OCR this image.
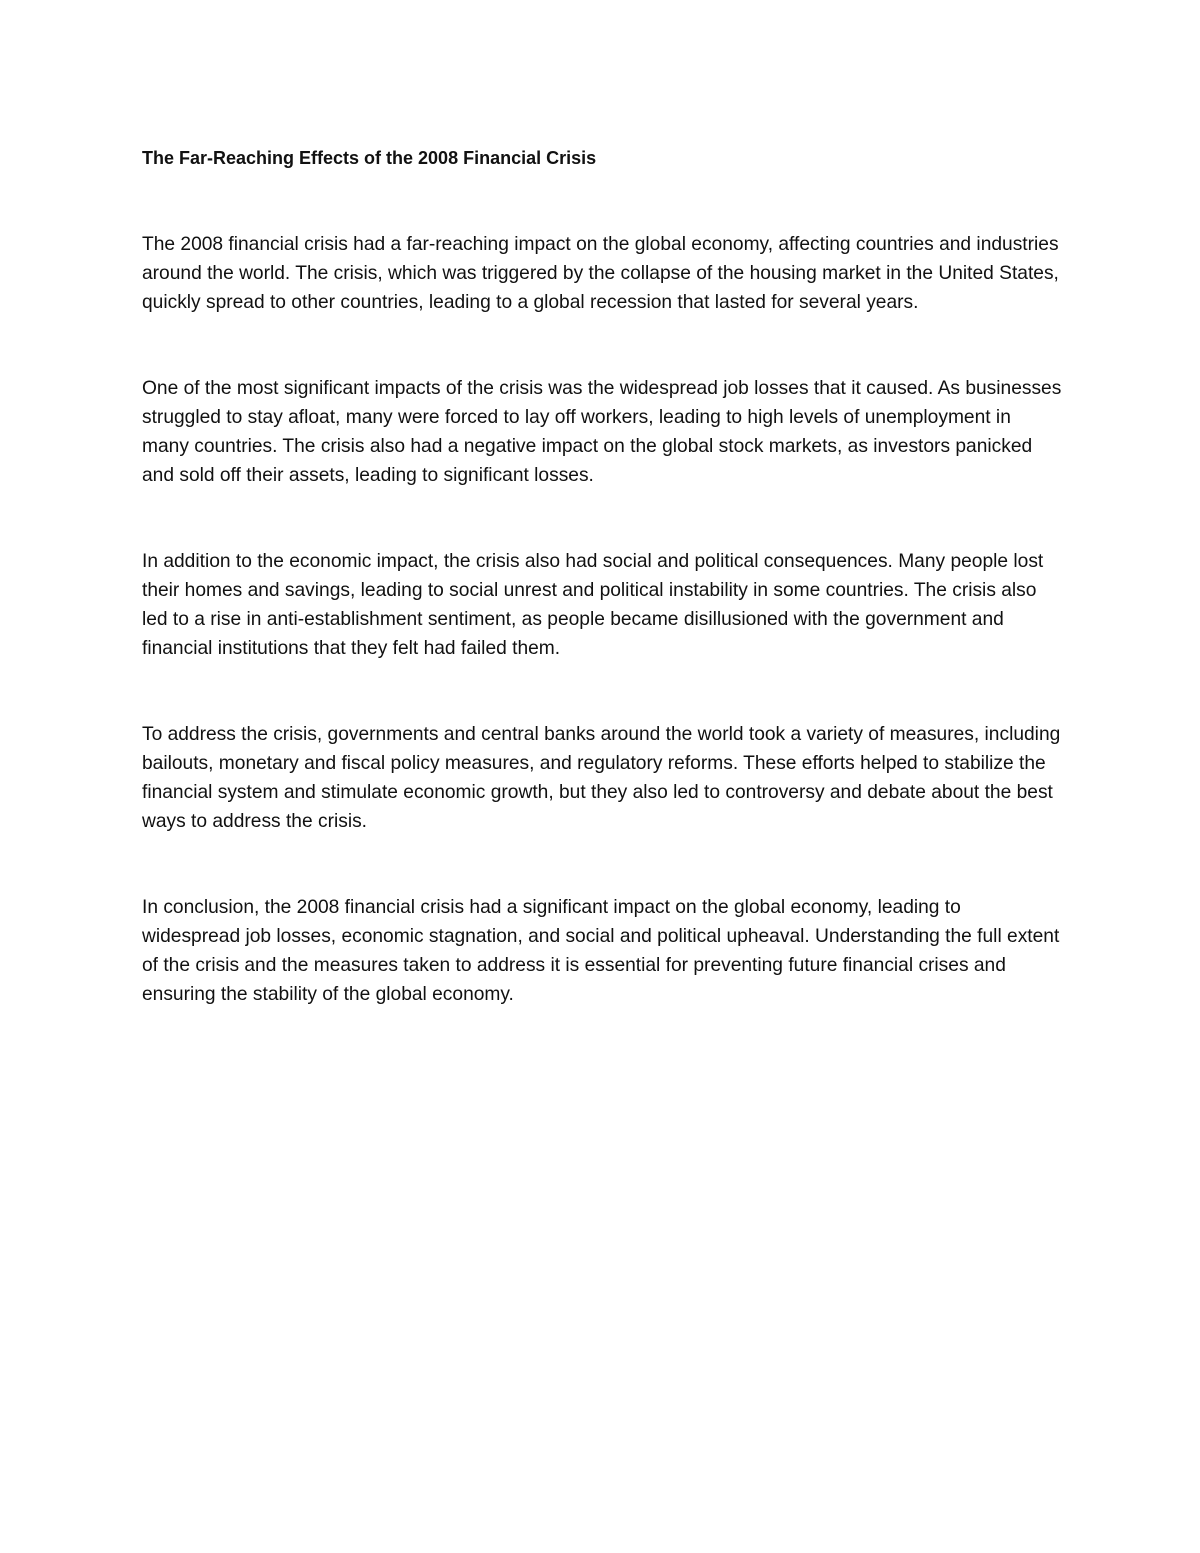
The Far-Reaching Effects of the 2008 Financial Crisis

The 2008 financial crisis had a far-reaching impact on the global economy, affecting countries and industries around the world. The crisis, which was triggered by the collapse of the housing market in the United States, quickly spread to other countries, leading to a global recession that lasted for several years.

One of the most significant impacts of the crisis was the widespread job losses that it caused. As businesses struggled to stay afloat, many were forced to lay off workers, leading to high levels of unemployment in many countries. The crisis also had a negative impact on the global stock markets, as investors panicked and sold off their assets, leading to significant losses.

In addition to the economic impact, the crisis also had social and political consequences. Many people lost their homes and savings, leading to social unrest and political instability in some countries. The crisis also led to a rise in anti-establishment sentiment, as people became disillusioned with the government and financial institutions that they felt had failed them.

To address the crisis, governments and central banks around the world took a variety of measures, including bailouts, monetary and fiscal policy measures, and regulatory reforms. These efforts helped to stabilize the financial system and stimulate economic growth, but they also led to controversy and debate about the best ways to address the crisis.

In conclusion, the 2008 financial crisis had a significant impact on the global economy, leading to widespread job losses, economic stagnation, and social and political upheaval. Understanding the full extent of the crisis and the measures taken to address it is essential for preventing future financial crises and ensuring the stability of the global economy.
